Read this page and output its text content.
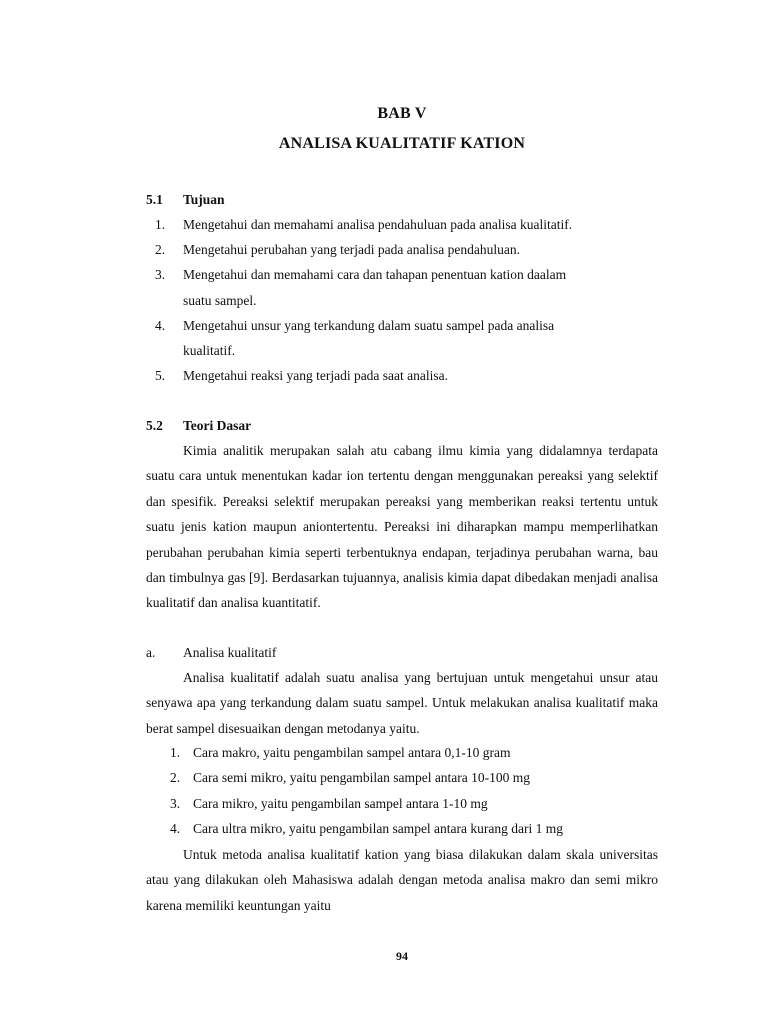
BAB V
ANALISA KUALITATIF KATION
5.1 Tujuan
1. Mengetahui dan memahami analisa pendahuluan pada analisa kualitatif.
2. Mengetahui perubahan yang terjadi pada analisa pendahuluan.
3. Mengetahui dan memahami cara dan tahapan penentuan kation daalam
suatu sampel.
4. Mengetahui unsur yang terkandung dalam suatu sampel pada analisa
kualitatif.
5. Mengetahui reaksi yang terjadi pada saat analisa.
5.2 Teori Dasar

Kimia analitik merupakan salah atu cabang ilmu kimia yang didalamnya terdapata suatu cara untuk menentukan kadar ion tertentu dengan menggunakan pereaksi yang selektif dan spesifik. Pereaksi selektif merupakan pereaksi yang memberikan reaksi tertentu untuk suatu jenis kation maupun aniontertentu. Pereaksi ini diharapkan mampu memperlihatkan perubahan perubahan kimia seperti terbentuknya endapan, terjadinya perubahan warna, bau dan timbulnya gas [9]. Berdasarkan tujuannya, analisis kimia dapat dibedakan menjadi analisa kualitatif dan analisa kuantitatif.

a. Analisa kualitatif

Analisa kualitatif adalah suatu analisa yang bertujuan untuk mengetahui unsur atau senyawa apa yang terkandung dalam suatu sampel. Untuk melakukan analisa kualitatif maka berat sampel disesuaikan dengan metodanya yaitu.

1. Cara makro, yaitu pengambilan sampel antara 0,1-10 gram
2. Cara semi mikro, yaitu pengambilan sampel antara 10-100 mg
3. Cara mikro, yaitu pengambilan sampel antara 1-10 mg
4. Cara ultra mikro, yaitu pengambilan sampel antara kurang dari 1 mg

Untuk metoda analisa kualitatif kation yang biasa dilakukan dalam skala universitas atau yang dilakukan oleh Mahasiswa adalah dengan metoda analisa makro dan semi mikro karena memiliki keuntungan yaitu

94
